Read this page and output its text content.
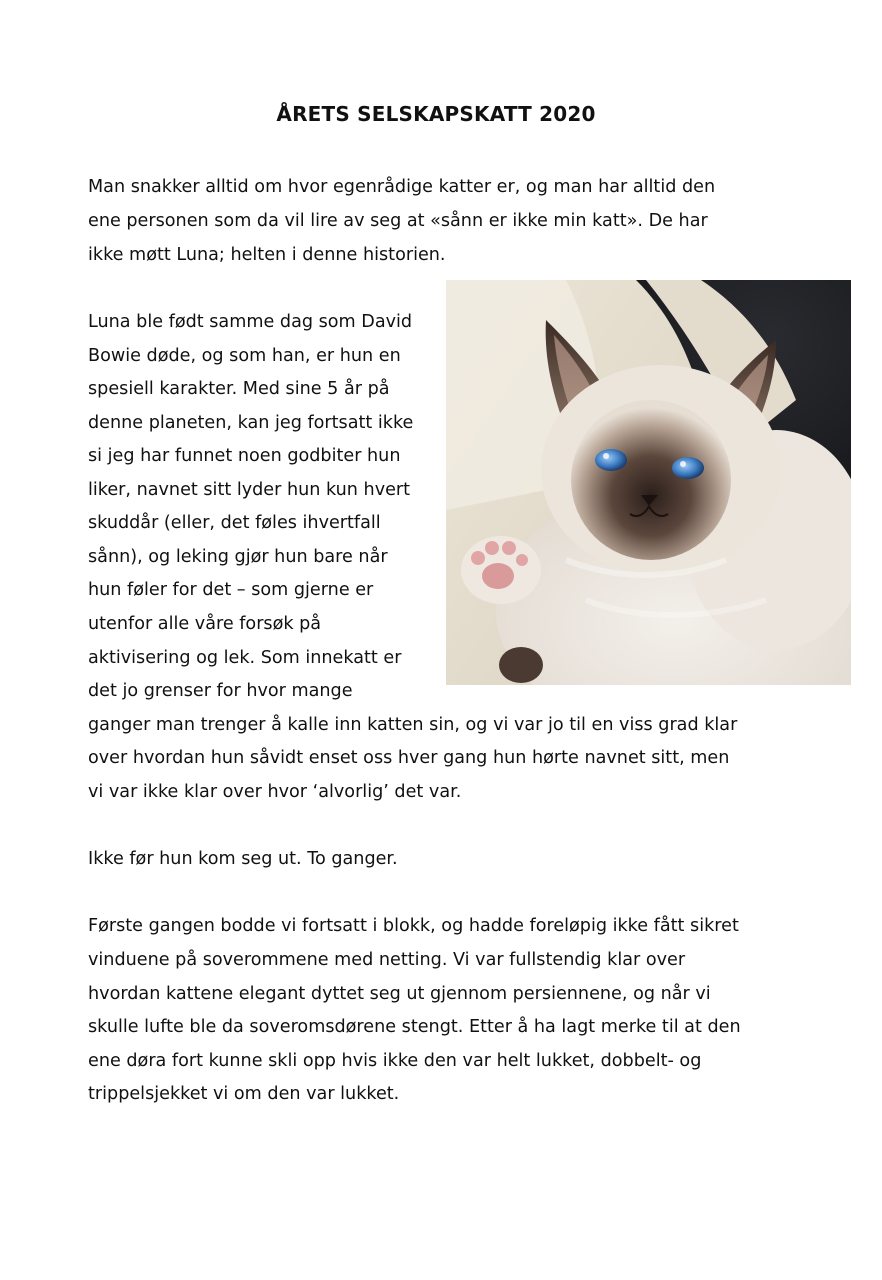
ÅRETS SELSKAPSKATT 2020

Man snakker alltid om hvor egenrådige katter er, og man har alltid den

ene personen som da vil lire av seg at «sånn er ikke min katt». De har

ikke møtt Luna; helten i denne historien.

Luna ble født samme dag som David

Bowie døde, og som han, er hun en

spesiell karakter. Med sine 5 år på

denne planeten, kan jeg fortsatt ikke

si jeg har funnet noen godbiter hun

liker, navnet sitt lyder hun kun hvert

skuddår (eller, det føles ihvertfall

sånn), og leking gjør hun bare når

hun føler for det – som gjerne er

utenfor alle våre forsøk på

aktivisering og lek. Som innekatt er

det jo grenser for hvor mange

ganger man trenger å kalle inn katten sin, og vi var jo til en viss grad klar

over hvordan hun såvidt enset oss hver gang hun hørte navnet sitt, men

vi var ikke klar over hvor ‘alvorlig’ det var.

Ikke før hun kom seg ut. To ganger.

Første gangen bodde vi fortsatt i blokk, og hadde foreløpig ikke fått sikret

vinduene på soverommene med netting. Vi var fullstendig klar over

hvordan kattene elegant dyttet seg ut gjennom persiennene, og når vi

skulle lufte ble da soveromsdørene stengt. Etter å ha lagt merke til at den

ene døra fort kunne skli opp hvis ikke den var helt lukket, dobbelt- og

trippelsjekket vi om den var lukket.
